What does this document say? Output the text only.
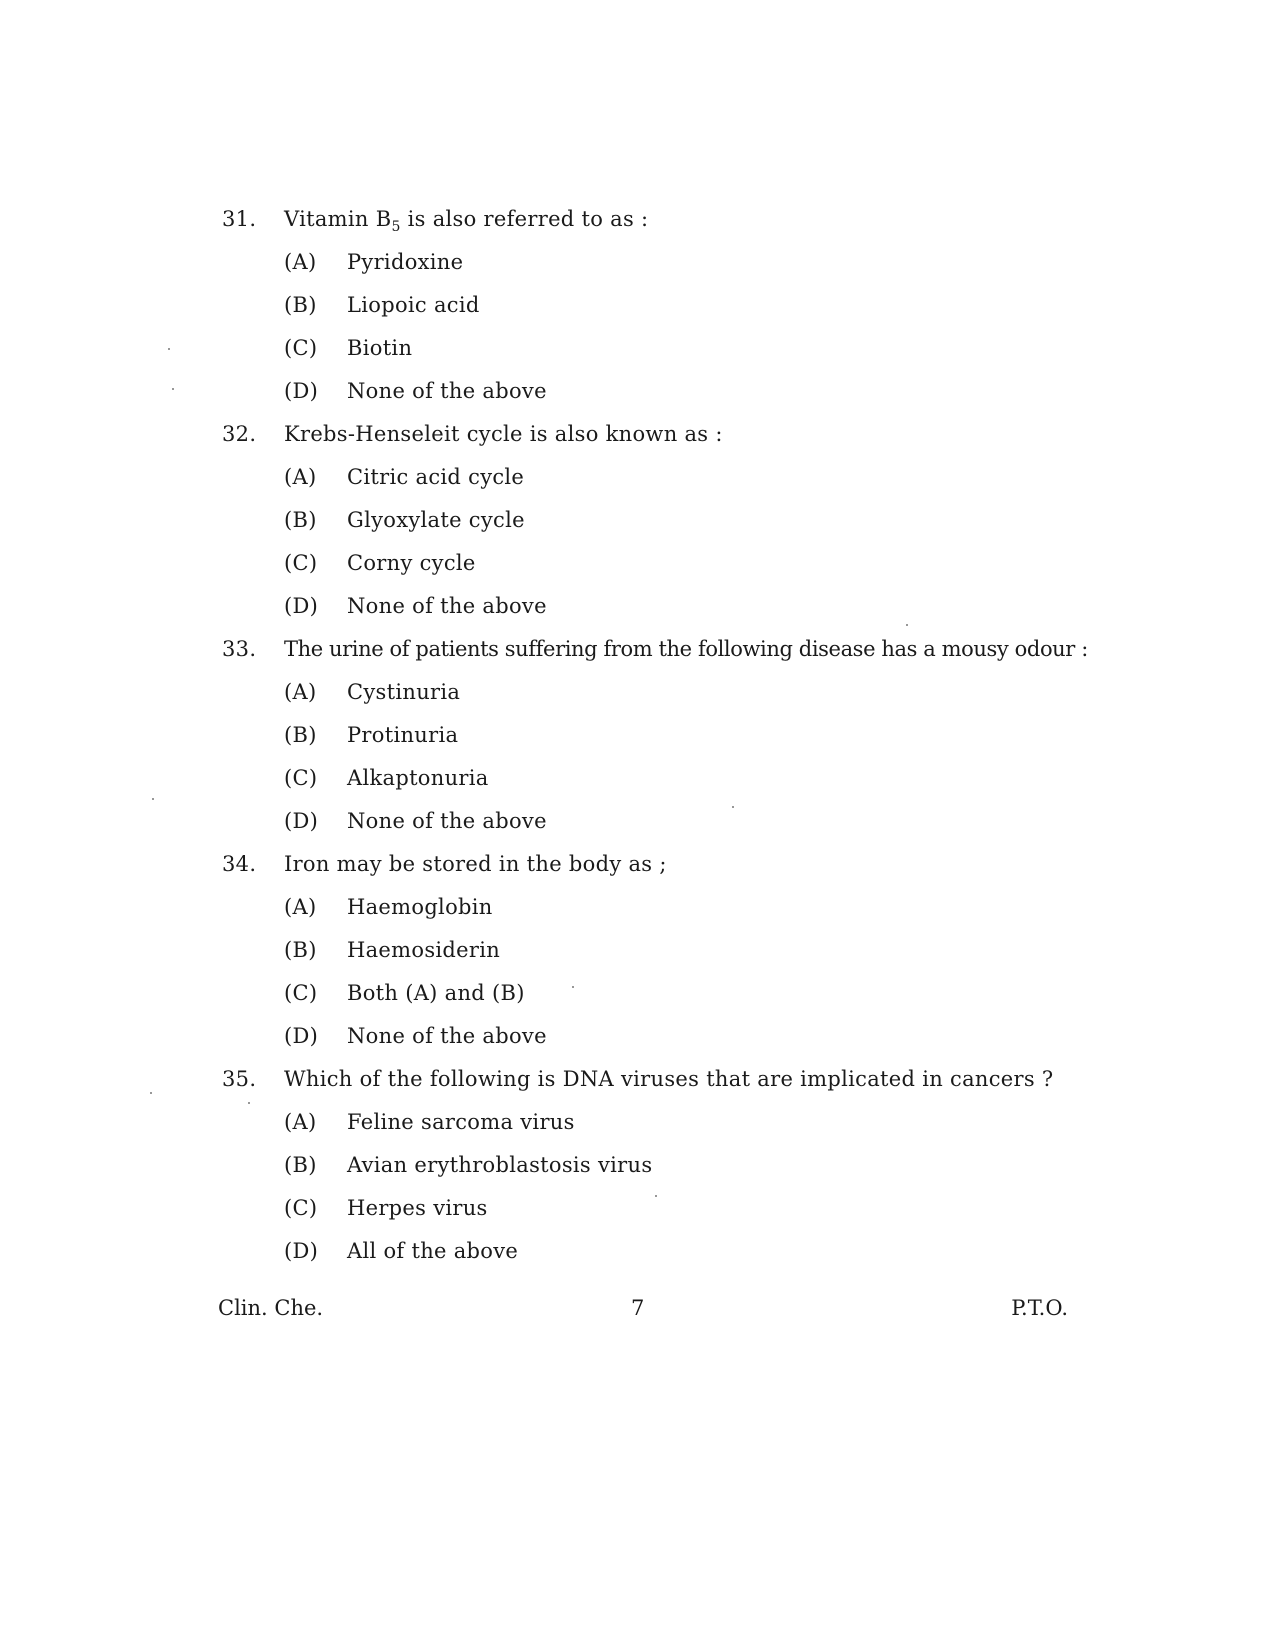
31.	Vitamin $B_5$ is also referred to as :
(A)	Pyridoxine
(B)	Liopoic acid
(C)	Biotin
(D)	None of the above
32.	Krebs-Henseleit cycle is also known as :
(A)	Citric acid cycle
(B)	Glyoxylate cycle
(C)	Corny cycle
(D)	None of the above
33.	The urine of patients suffering from the following disease has a mousy odour :
(A)	Cystinuria
(B)	Protinuria
(C)	Alkaptonuria
(D)	None of the above
34.	Iron may be stored in the body as ;
(A)	Haemoglobin
(B)	Haemosiderin
(C)	Both (A) and (B)
(D)	None of the above
35.	Which of the following is DNA viruses that are implicated in cancers ?
(A)	Feline sarcoma virus
(B)	Avian erythroblastosis virus
(C)	Herpes virus
(D)	All of the above
Clin. Che.	7	P.T.O.
